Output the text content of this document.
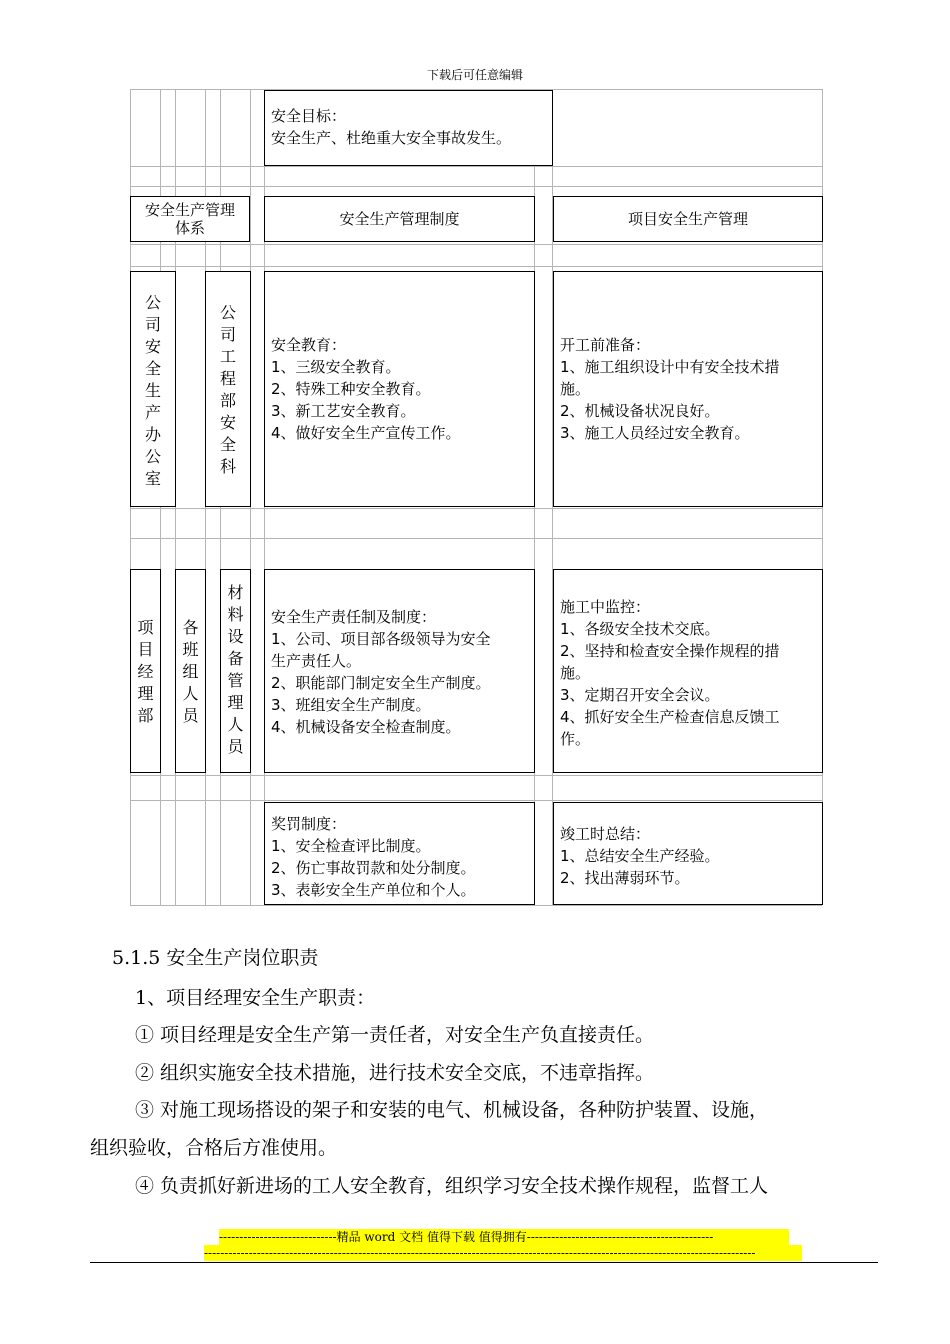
下载后可任意编辑
安全目标：
安全生产、杜绝重大安全事故发生。
安全生产管理
体系	安全生产管理制度	项目安全生产管理
公
司
安
全
生
产
办
公
室
公
司
工
程
部
安
全
科
安全教育：
1、三级安全教育。
2、特殊工种安全教育。
3、新工艺安全教育。
4、做好安全生产宣传工作。
开工前准备：
1、施工组织设计中有安全技术措
施。
2、机械设备状况良好。
3、施工人员经过安全教育。
项
目
经
理
部
各
班
组
人
员
材
料
设
备
管
理
人
员
安全生产责任制及制度：
1、公司、项目部各级领导为安全
生产责任人。
2、职能部门制定安全生产制度。
3、班组安全生产制度。
4、机械设备安全检查制度。
施工中监控：
1、各级安全技术交底。
2、坚持和检查安全操作规程的措
施。
3、定期召开安全会议。
4、抓好安全生产检查信息反馈工
作。
奖罚制度：
1、安全检查评比制度。
2、伤亡事故罚款和处分制度。
3、表彰安全生产单位和个人。
竣工时总结：
1、总结安全生产经验。
2、找出薄弱环节。
5.1.5 安全生产岗位职责
1、项目经理安全生产职责：
① 项目经理是安全生产第一责任者，对安全生产负直接责任。
② 组织实施安全技术措施，进行技术安全交底，不违章指挥。
③ 对施工现场搭设的架子和安装的电气、机械设备，各种防护装置、设施，
组织验收，合格后方准使用。
④ 负责抓好新进场的工人安全教育，组织学习安全技术操作规程，监督工人
-----------------------------精品 word 文档 值得下载 值得拥有----------------------------------------------
----------------------------------------------------------------------------------------------------------------------------------------
